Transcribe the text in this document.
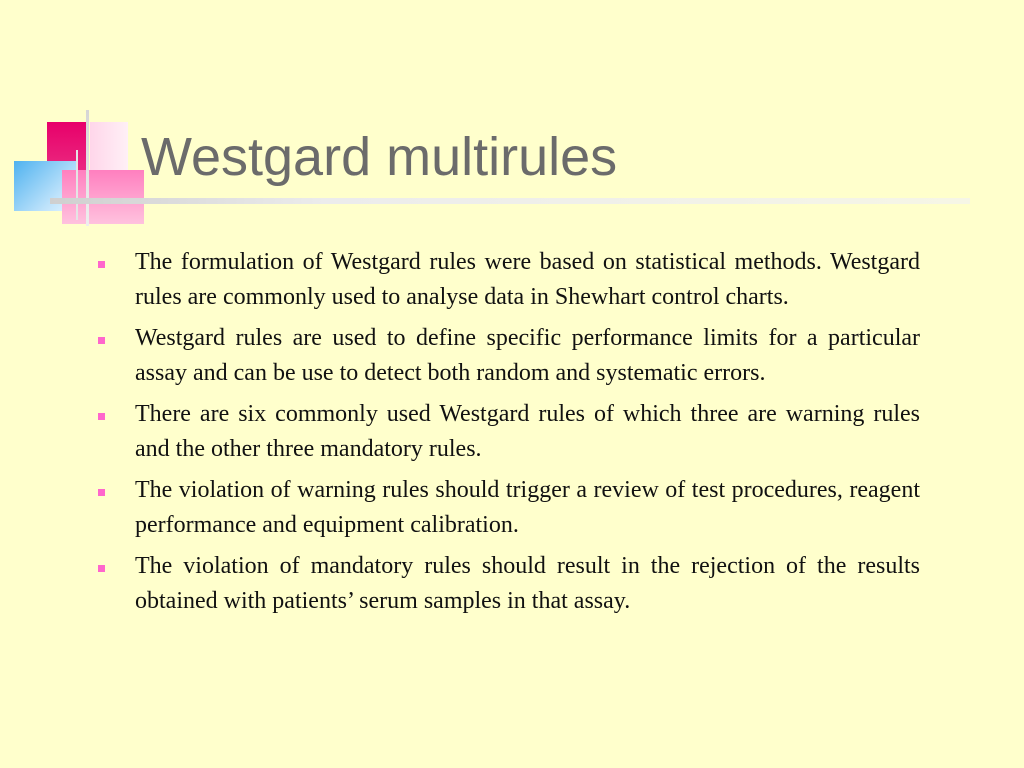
Westgard multirules
The formulation of Westgard rules were based on statistical methods. Westgard rules are commonly used to analyse data in Shewhart control charts.
Westgard rules are used to define specific performance limits for a particular assay and can be use to detect both random and systematic errors.
There are six commonly used Westgard rules of which three are warning rules and the other three mandatory rules.
The violation of warning rules should trigger a review of test procedures, reagent performance and equipment calibration.
The violation of mandatory rules should result in the rejection of the results obtained with patients’ serum samples in that assay.
